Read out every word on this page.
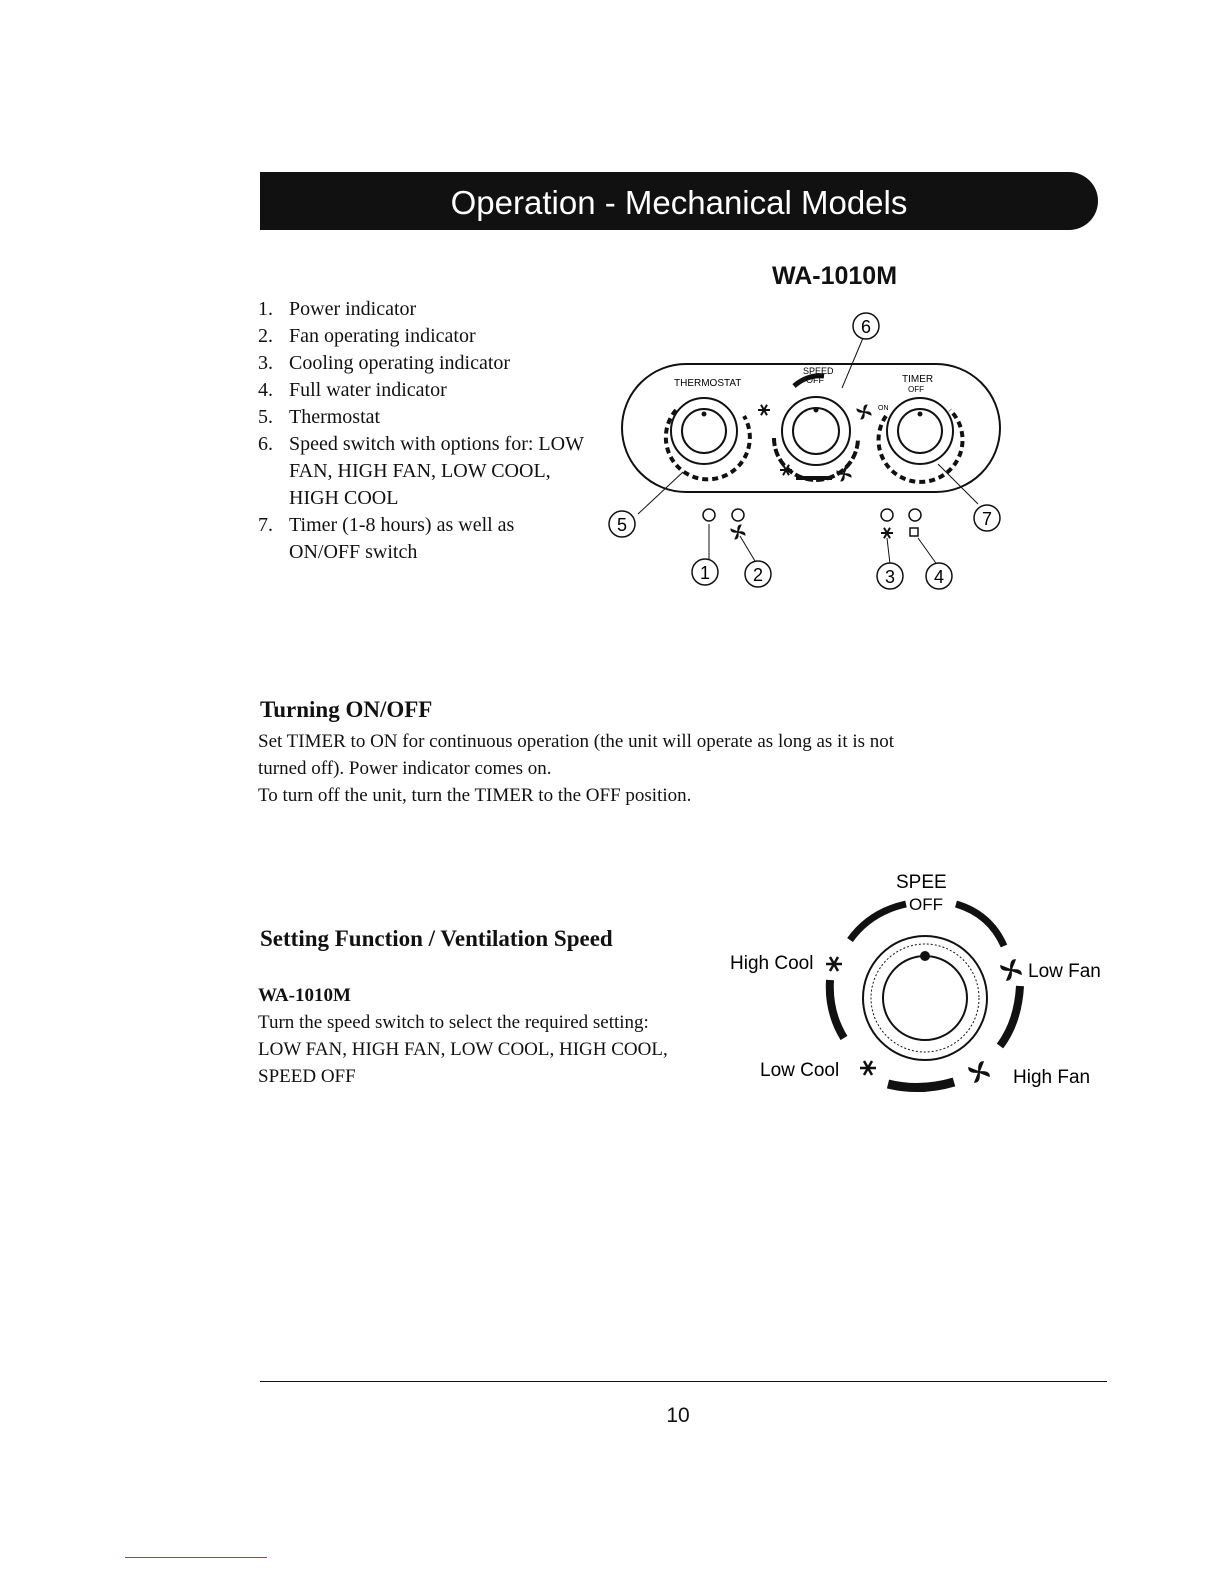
Operation - Mechanical Models
WA-1010M
1. Power indicator
2. Fan operating indicator
3. Cooling operating indicator
4. Full water indicator
5. Thermostat
6. Speed switch with options for: LOW FAN, HIGH FAN, LOW COOL, HIGH COOL
7. Timer (1-8 hours) as well as ON/OFF switch
THERMOSTAT
SPEED
OFF	TIMER
OFF
ON
6
5	7
1 2	3 4
Turning ON/OFF
Set TIMER to ON for continuous operation (the unit will operate as long as it is not
turned off). Power indicator comes on.
To turn off the unit, turn the TIMER to the OFF position.
Setting Function / Ventilation Speed
WA-1010M
Turn the speed switch to select the required setting:
LOW FAN, HIGH FAN, LOW COOL, HIGH COOL,
SPEED OFF
SPEE
OFF
High Cool	Low Fan
Low Cool	High Fan
10
